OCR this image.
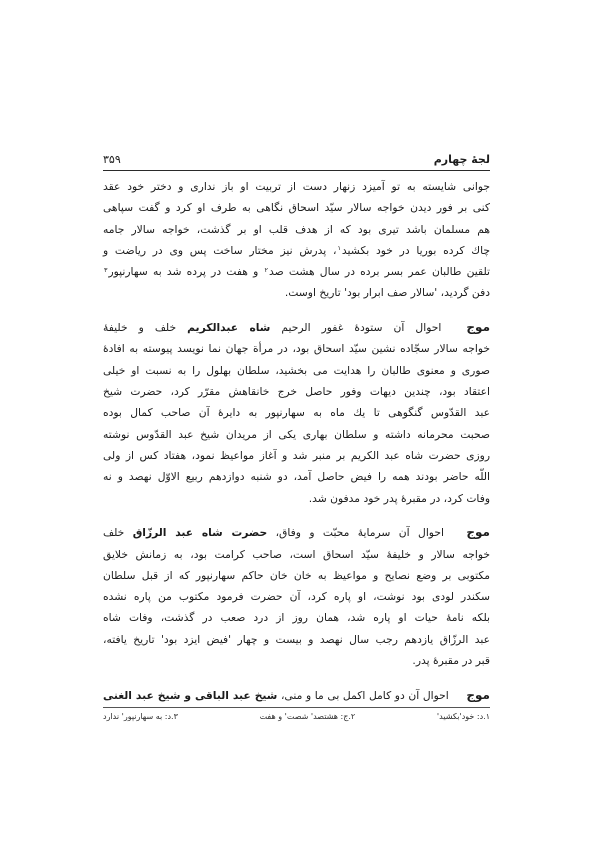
لجهٔ چهارم
۳۵۹
جوانی شایسته به تو آمیزد زنهار دست از تربیت او باز نداری و دختر خود عقد
کنی بر فور دیدن خواجه سالار سیّد اسحاق نگاهی به طرف او کرد و گفت سپاهی
هم مسلمان باشد تیری بود که از هدف قلب او بر گذشت، خواجه سالار جامه
چاك کرده بوریا در خود بکشید$^۱$، پدرش نیز مختار ساخت پس وی در ریاضت و
تلقین طالبان عمر بسر برده در سال هشت صد$^۲$ و هفت در پرده شد به سهارنپور$^۳$
دفن گردید، 'سالار صف ابرار بود' تاریخ اوست.
موج احوال آن ستودهٔ غفور الرحیم شاه عبدالکریم خلف و خلیفهٔ
خواجه سالار سجّاده نشین سیّد اسحاق بود، در مرأة جهان نما نویسد پیوسته به افادهٔ
صوری و معنوی طالبان را هدایت می بخشید، سلطان بهلول را به نسبت او خیلی
اعتقاد بود، چندین دیهات وفور حاصل خرج خانقاهش مقرّر کرد، حضرت شیخ
عبد القدّوس گنگوهی تا یك ماه به سهارنپور به دایرهٔ آن صاحب کمال بوده
صحبت محرمانه داشته و سلطان بهاری یکی از مریدان شیخ عبد القدّوس نوشته
روزی حضرت شاه عبد الکریم بر منبر شد و آغاز مواعیظ نمود، هفتاد کس از ولی
اللّه حاضر بودند همه را فیض حاصل آمد، دو شنبه دوازدهم ربیع الاوّل نهصد و نه
وفات کرد، در مقبرهٔ پدر خود مدفون شد.
موج احوال آن سرمایهٔ محبّت و وفاق، حضرت شاه عبد الرزّاق خلف
خواجه سالار و خلیفهٔ سیّد اسحاق است، صاحب کرامت بود، به زمانش خلایق
مکتوبی بر وضع نصایح و مواعیظ به خان خان حاکم سهارنپور که از قبل سلطان
سکندر لودی بود نوشت، او پاره کرد، آن حضرت فرمود مکتوب من پاره نشده
بلکه نامهٔ حیات او پاره شد، همان روز از درد صعب در گذشت، وفات شاه
عبد الرزّاق یازدهم رجب سال نهصد و بیست و چهار 'فیض ایزد بود' تاریخ یافته،
قبر در مقبرهٔ پدر.
موج احوال آن دو کامل اکمل بی ما و منی، شیخ عبد الباقی و شیخ عبد الغنی
۱.د: خود'بکشید'
۲.ج: هشتصد' شصت' و هفت
۳.د: به سهارنپور' ندارد
